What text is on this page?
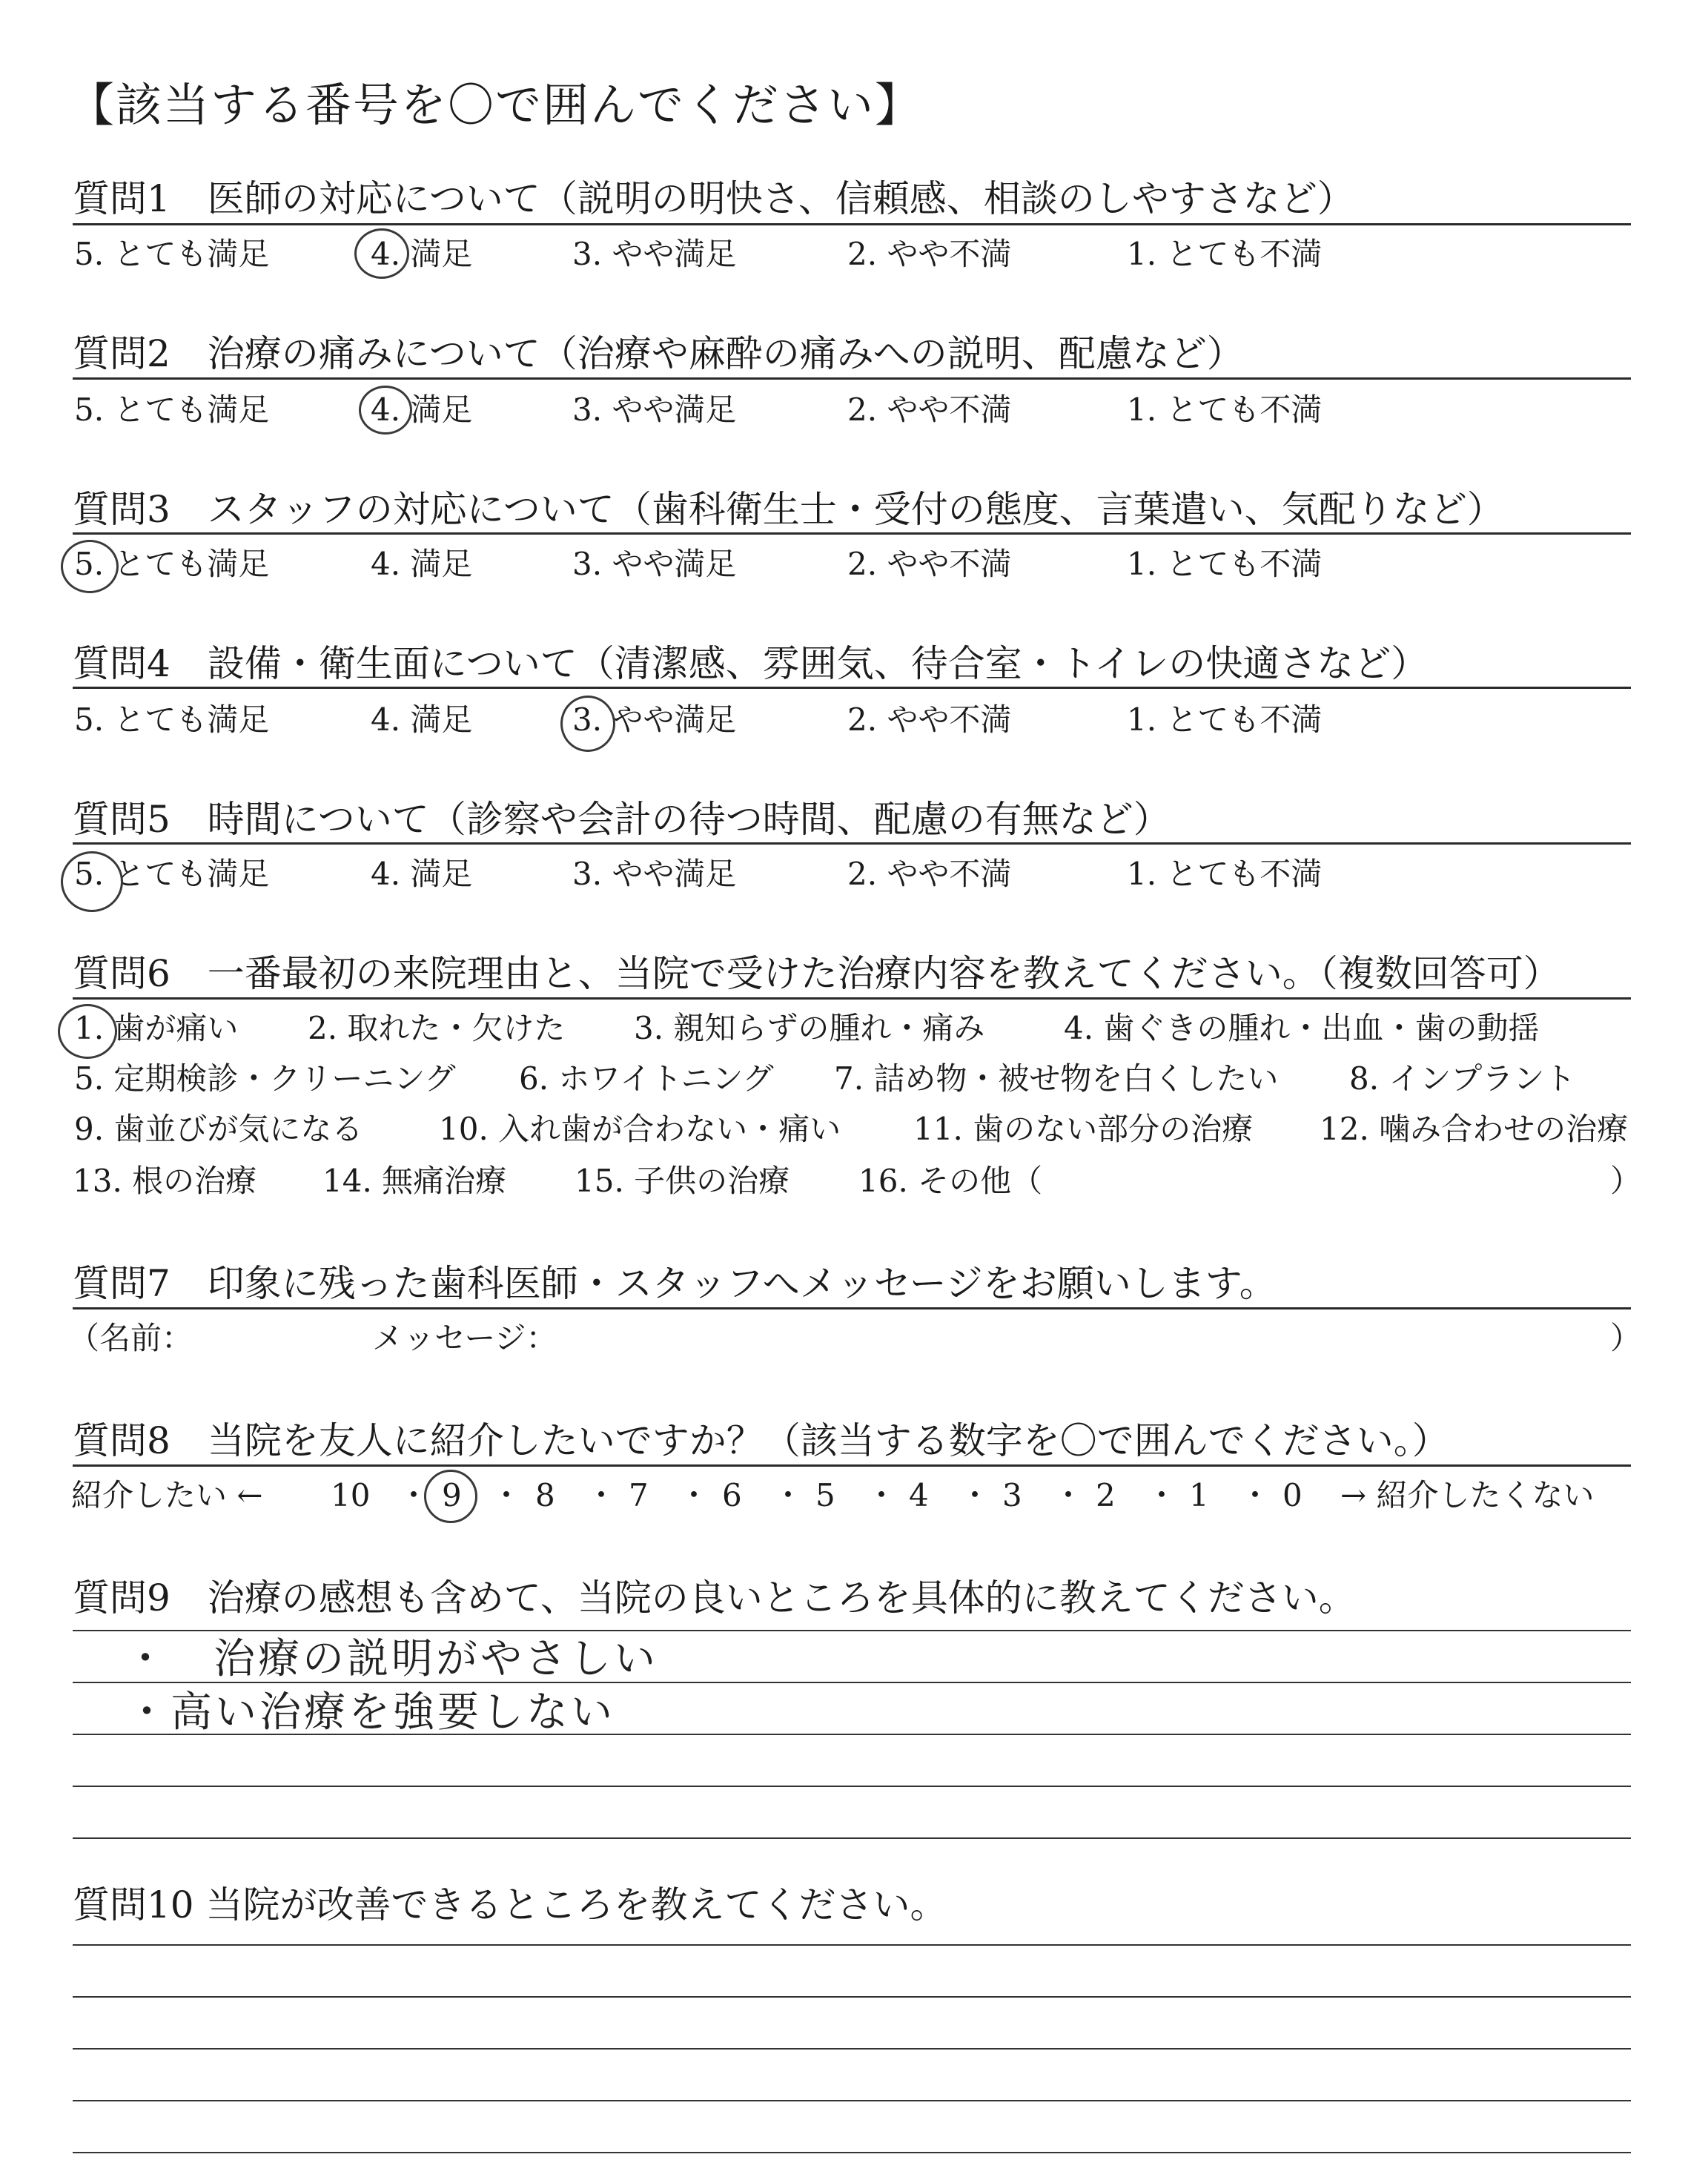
【該当する番号を〇で囲んでください】
質問1　医師の対応について（説明の明快さ、信頼感、相談のしやすさなど）
5. とても満足	4. 満足	3. やや満足	2. やや不満	1. とても不満
質問2　治療の痛みについて（治療や麻酔の痛みへの説明、配慮など）
5. とても満足	4. 満足	3. やや満足	2. やや不満	1. とても不満
質問3　スタッフの対応について（歯科衛生士・受付の態度、言葉遣い、気配りなど）
5. とても満足	4. 満足	3. やや満足	2. やや不満	1. とても不満
質問4　設備・衛生面について（清潔感、雰囲気、待合室・トイレの快適さなど）
5. とても満足	4. 満足	3. やや満足	2. やや不満	1. とても不満
質問5　時間について（診察や会計の待つ時間、配慮の有無など）
5. とても満足	4. 満足	3. やや満足	2. やや不満	1. とても不満
質問6　一番最初の来院理由と、当院で受けた治療内容を教えてください。（複数回答可）
1. 歯が痛い 2. 取れた・欠けた 3. 親知らずの腫れ・痛み	4. 歯ぐきの腫れ・出血・歯の動揺
5. 定期検診・クリーニング 6. ホワイトニング 7. 詰め物・被せ物を白くしたい 8. インプラント
9. 歯並びが気になる 10. 入れ歯が合わない・痛い 11. 歯のない部分の治療 12. 噛み合わせの治療
13. 根の治療 14. 無痛治療 15. 子供の治療 16. その他（	）
質問7　印象に残った歯科医師・スタッフへメッセージをお願いします。
（名前：	メッセージ：	）
質問8　当院を友人に紹介したいですか？（該当する数字を〇で囲んでください。）
紹介したい ← 10 ・ 9 ・ 8 ・ 7 ・ 6 ・ 5 ・ 4 ・ 3 ・ 2 ・ 1 ・ 0 → 紹介したくない
質問9　治療の感想も含めて、当院の良いところを具体的に教えてください。
・　治療の説明がやさしい
・高い治療を強要しない
質問10 当院が改善できるところを教えてください。
